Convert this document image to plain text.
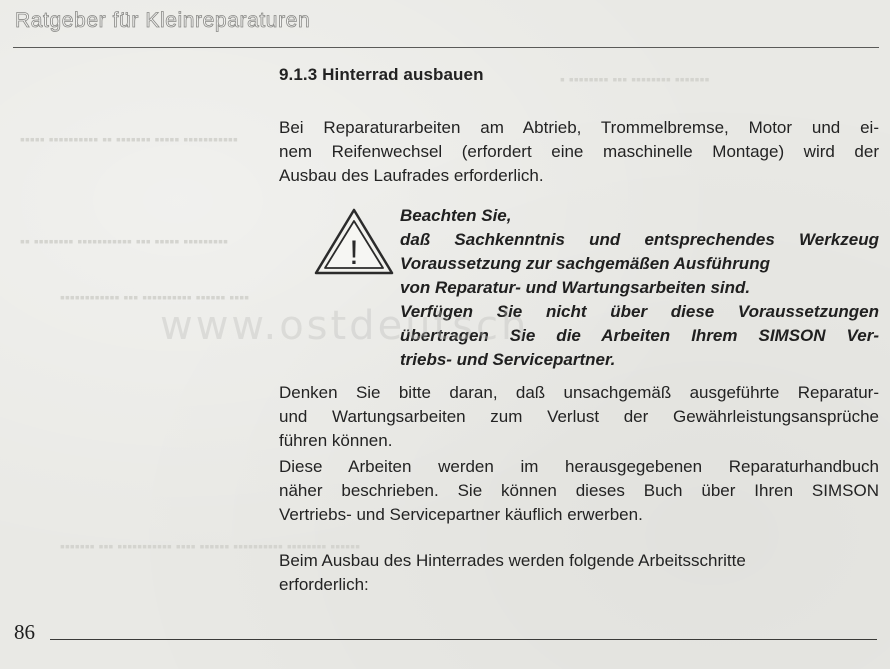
▪ ▪▪▪▪▪▪▪▪ ▪▪▪ ▪▪▪▪▪▪▪▪ ▪▪▪▪▪▪▪
▪▪▪▪▪ ▪▪▪▪▪▪▪▪▪▪ ▪▪ ▪▪▪▪▪▪▪ ▪▪▪▪▪ ▪▪▪▪▪▪▪▪▪▪▪
▪▪ ▪▪▪▪▪▪▪▪ ▪▪▪▪▪▪▪▪▪▪▪ ▪▪▪ ▪▪▪▪▪ ▪▪▪▪▪▪▪▪▪
▪▪▪▪▪▪▪▪▪▪▪▪ ▪▪▪ ▪▪▪▪▪▪▪▪▪▪ ▪▪▪▪▪▪ ▪▪▪▪
▪▪▪▪▪▪▪ ▪▪▪ ▪▪▪▪▪▪▪▪▪▪▪ ▪▪▪▪ ▪▪▪▪▪▪ ▪▪▪▪▪▪▪▪▪▪ ▪▪▪▪▪▪▪▪ ▪▪▪▪▪▪
Ratgeber für Kleinreparaturen
9.1.3 Hinterrad ausbauen
Bei Reparaturarbeiten am Abtrieb, Trommelbremse, Motor und ei-
nem Reifenwechsel (erfordert eine maschinelle Montage) wird der
Ausbau des Laufrades erforderlich.
!
Beachten Sie,
daß Sachkenntnis und entsprechendes Werkzeug
Voraussetzung zur sachgemäßen Ausführung
von Reparatur- und Wartungsarbeiten sind.
Verfügen Sie nicht über diese Voraussetzungen
übertragen Sie die Arbeiten Ihrem SIMSON Ver-
triebs- und Servicepartner.
www.ostdeutsch
Denken Sie bitte daran, daß unsachgemäß ausgeführte Reparatur-
und Wartungsarbeiten zum Verlust der Gewährleistungsansprüche
führen können.
Diese Arbeiten werden im herausgegebenen Reparaturhandbuch
näher beschrieben. Sie können dieses Buch über Ihren SIMSON
Vertriebs- und Servicepartner käuflich erwerben.
Beim Ausbau des Hinterrades werden folgende Arbeitsschritte
erforderlich:
86
